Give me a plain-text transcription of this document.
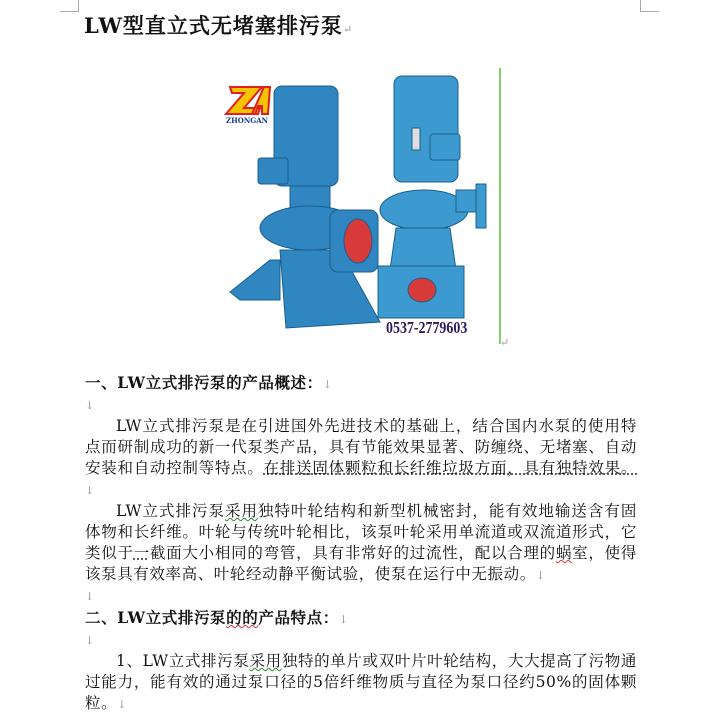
LW型直立式无堵塞排污泵↵
ZHONGAN
0537-2779603
↵

一、LW立式排污泵的产品概述：↓

↓

LW立式排污泵是在引进国外先进技术的基础上，结合国内水泵的使用特点而研制成功的新一代泵类产品，具有节能效果显著、防缠绕、无堵塞、自动安装和自动控制等特点。在排送固体颗粒和长纤维垃圾方面，具有独特效果。↓

LW立式排污泵采用独特叶轮结构和新型机械密封，能有效地输送含有固体物和长纤维。叶轮与传统叶轮相比，该泵叶轮采用单流道或双流道形式，它类似于一截面大小相同的弯管，具有非常好的过流性，配以合理的蜗室，使得该泵具有效率高、叶轮经动静平衡试验，使泵在运行中无振动。↓

↓

二、LW立式排污泵的的产品特点：↓

↓

1、LW立式排污泵采用独特的单片或双叶片叶轮结构，大大提高了污物通过能力，能有效的通过泵口径的5倍纤维物质与直径为泵口径约50%的固体颗粒。↓
